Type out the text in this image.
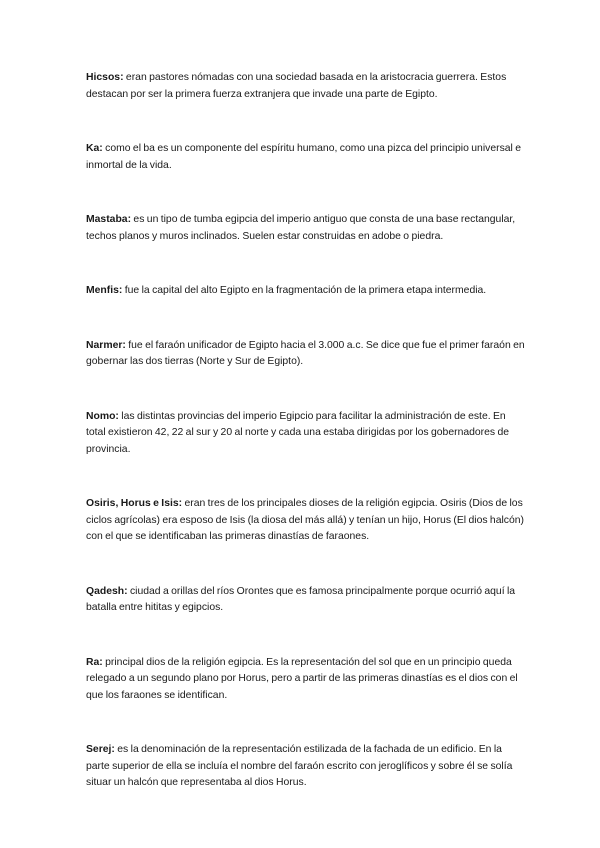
Hicsos: eran pastores nómadas con una sociedad basada en la aristocracia guerrera. Estos destacan por ser la primera fuerza extranjera que invade una parte de Egipto.

Ka: como el ba es un componente del espíritu humano, como una pizca del principio universal e inmortal de la vida.

Mastaba: es un tipo de tumba egipcia del imperio antiguo que consta de una base rectangular, techos planos y muros inclinados. Suelen estar construidas en adobe o piedra.

Menfis: fue la capital del alto Egipto en la fragmentación de la primera etapa intermedia.

Narmer: fue el faraón unificador de Egipto hacia el 3.000 a.c. Se dice que fue el primer faraón en gobernar las dos tierras (Norte y Sur de Egipto).

Nomo: las distintas provincias del imperio Egipcio para facilitar la administración de este. En total existieron 42, 22 al sur y 20 al norte y cada una estaba dirigidas por los gobernadores de provincia.

Osiris, Horus e Isis: eran tres de los principales dioses de la religión egipcia. Osiris (Dios de los ciclos agrícolas) era esposo de Isis (la diosa del más allá) y tenían un hijo, Horus (El dios halcón) con el que se identificaban las primeras dinastías de faraones.

Qadesh: ciudad a orillas del ríos Orontes que es famosa principalmente porque ocurrió aquí la batalla entre hititas y egipcios.

Ra: principal dios de la religión egipcia. Es la representación del sol que en un principio queda relegado a un segundo plano por Horus, pero a partir de las primeras dinastías es el dios con el que los faraones se identifican.

Serej: es la denominación de la representación estilizada de la fachada de un edificio. En la parte superior de ella se incluía el nombre del faraón escrito con jeroglíficos y sobre él se solía situar un halcón que representaba al dios Horus.
